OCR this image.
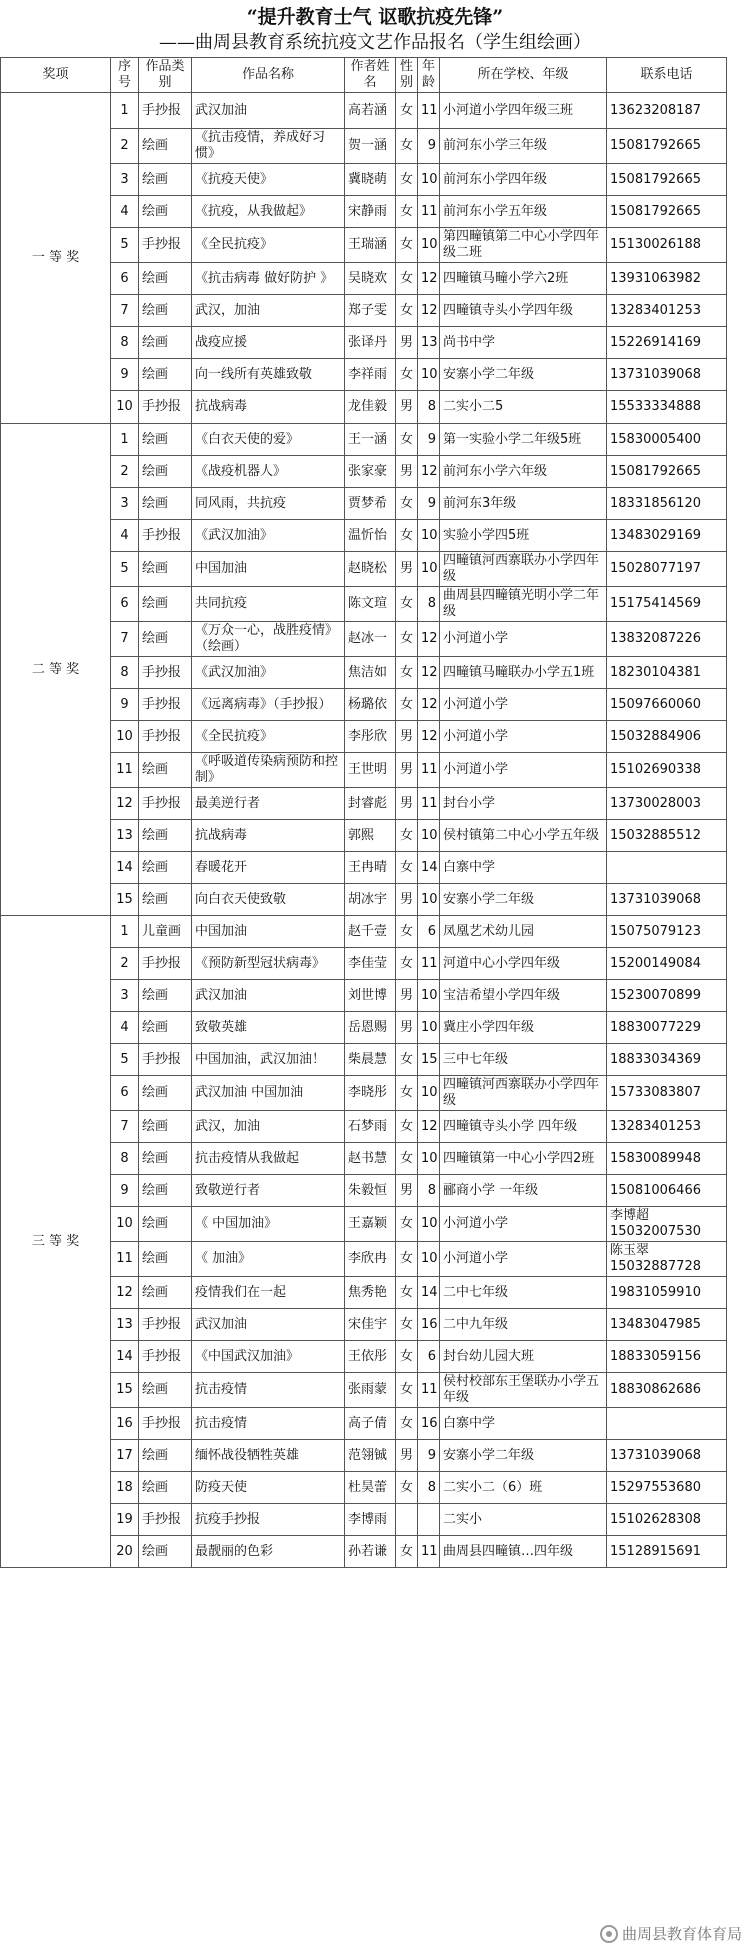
“提升教育士气 讴歌抗疫先锋”
——曲周县教育系统抗疫文艺作品报名（学生组绘画）
奖项	序号	作品类别	作品名称	作者姓名	性别	年龄	所在学校、年级	联系电话
一 等 奖	1	手抄报	武汉加油	高若涵	女	11	小河道小学四年级三班	13623208187
	2	绘画	《抗击疫情，养成好习惯》	贺一涵	女	9	前河东小学三年级	15081792665
	3	绘画	《抗疫天使》	冀晓萌	女	10	前河东小学四年级	15081792665
	4	绘画	《抗疫，从我做起》	宋静雨	女	11	前河东小学五年级	15081792665
	5	手抄报	《全民抗疫》	王瑞涵	女	10	第四疃镇第二中心小学四年级二班	15130026188
	6	绘画	《抗击病毒 做好防护 》	吴晓欢	女	12	四疃镇马疃小学六2班	13931063982
	7	绘画	武汉，加油	郑子雯	女	12	四疃镇寺头小学四年级	13283401253
	8	绘画	战疫应援	张译丹	男	13	尚书中学	15226914169
	9	绘画	向一线所有英雄致敬	李祥雨	女	10	安寨小学二年级	13731039068
	10	手抄报	抗战病毒	龙佳毅	男	8	二实小二5	15533334888
二 等 奖	1	绘画	《白衣天使的爱》	王一涵	女	9	第一实验小学二年级5班	15830005400
	2	绘画	《战疫机器人》	张家豪	男	12	前河东小学六年级	15081792665
	3	绘画	同风雨，共抗疫	贾梦希	女	9	前河东3年级	18331856120
	4	手抄报	《武汉加油》	温忻怡	女	10	实验小学四5班	13483029169
	5	绘画	中国加油	赵晓松	男	10	四疃镇河西寨联办小学四年级	15028077197
	6	绘画	共同抗疫	陈文瑄	女	8	曲周县四疃镇光明小学二年级	15175414569
	7	绘画	《万众一心，战胜疫情》（绘画）	赵冰一	女	12	小河道小学	13832087226
	8	手抄报	《武汉加油》	焦洁如	女	12	四疃镇马疃联办小学五1班	18230104381
	9	手抄报	《远离病毒》（手抄报）	杨璐依	女	12	小河道小学	15097660060
	10	手抄报	《全民抗疫》	李彤欣	男	12	小河道小学	15032884906
	11	绘画	《呼吸道传染病预防和控制》	王世明	男	11	小河道小学	15102690338
	12	手抄报	最美逆行者	封睿彪	男	11	封台小学	13730028003
	13	绘画	抗战病毒	郭熙	女	10	侯村镇第二中心小学五年级	15032885512
	14	绘画	春暖花开	王冉晴	女	14	白寨中学	
	15	绘画	向白衣天使致敬	胡冰宇	男	10	安寨小学二年级	13731039068
三 等 奖	1	儿童画	中国加油	赵千壹	女	6	凤凰艺术幼儿园	15075079123
	2	手抄报	《预防新型冠状病毒》	李佳莹	女	11	河道中心小学四年级	15200149084
	3	绘画	武汉加油	刘世博	男	10	宝洁希望小学四年级	15230070899
	4	绘画	致敬英雄	岳恩赐	男	10	冀庄小学四年级	18830077229
	5	手抄报	中国加油，武汉加油！	柴晨慧	女	15	三中七年级	18833034369
	6	绘画	武汉加油 中国加油	李晓彤	女	10	四疃镇河西寨联办小学四年级	15733083807
	7	绘画	武汉，加油	石梦雨	女	12	四疃镇寺头小学 四年级	13283401253
	8	绘画	抗击疫情从我做起	赵书慧	女	10	四疃镇第一中心小学四2班	15830089948
	9	绘画	致敬逆行者	朱毅恒	男	8	郦商小学 一年级	15081006466
	10	绘画	《 中国加油》	王嘉颖	女	10	小河道小学	李博超 15032007530
	11	绘画	《 加油》	李欣冉	女	10	小河道小学	陈玉翠 15032887728
	12	绘画	疫情我们在一起	焦秀艳	女	14	二中七年级	19831059910
	13	手抄报	武汉加油	宋佳宇	女	16	二中九年级	13483047985
	14	手抄报	《中国武汉加油》	王依彤	女	6	封台幼儿园大班	18833059156
	15	绘画	抗击疫情	张雨蒙	女	11	侯村校部东王堡联办小学五年级	18830862686
	16	手抄报	抗击疫情	高子倩	女	16	白寨中学	
	17	绘画	缅怀战役牺牲英雄	范翎铖	男	9	安寨小学二年级	13731039068
	18	绘画	防疫天使	杜昊蕾	女	8	二实小二（6）班	15297553680
	19	手抄报	抗疫手抄报	李博雨			二实小	15102628308
	20	绘画	最靓丽的色彩	孙若谦	女	11	曲周县四疃镇…四年级	15128915691
曲周县教育体育局
